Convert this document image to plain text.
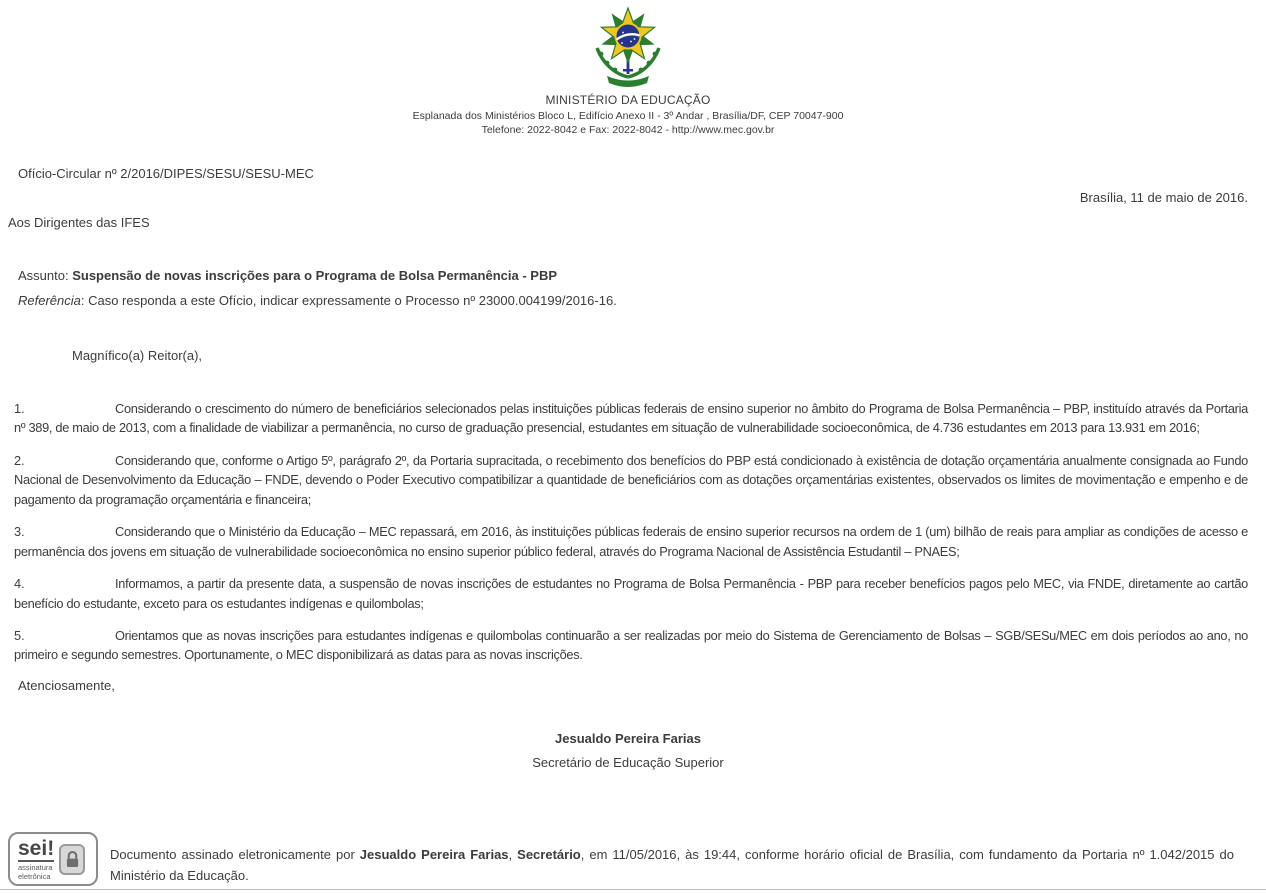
MINISTÉRIO DA EDUCAÇÃO
Esplanada dos Ministérios Bloco L, Edifício Anexo II - 3º Andar , Brasília/DF, CEP 70047-900
Telefone: 2022-8042 e Fax: 2022-8042 - http://www.mec.gov.br

Ofício-Circular nº 2/2016/DIPES/SESU/SESU-MEC

Brasília, 11 de maio de 2016.

Aos Dirigentes das IFES

Assunto: Suspensão de novas inscrições para o Programa de Bolsa Permanência - PBP

Referência: Caso responda a este Ofício, indicar expressamente o Processo nº 23000.004199/2016-16.

Magnífico(a) Reitor(a),

1.	Considerando o crescimento do número de beneficiários selecionados pelas instituições públicas federais de ensino superior no âmbito do Programa de Bolsa Permanência – PBP, instituído através da Portaria nº 389, de maio de 2013, com a finalidade de viabilizar a permanência, no curso de graduação presencial, estudantes em situação de vulnerabilidade socioeconômica, de 4.736 estudantes em 2013 para 13.931 em 2016;

2.	Considerando que, conforme o Artigo 5º, parágrafo 2º, da Portaria supracitada, o recebimento dos benefícios do PBP está condicionado à existência de dotação orçamentária anualmente consignada ao Fundo Nacional de Desenvolvimento da Educação – FNDE, devendo o Poder Executivo compatibilizar a quantidade de beneficiários com as dotações orçamentárias existentes, observados os limites de movimentação e empenho e de pagamento da programação orçamentária e financeira;

3.	Considerando que o Ministério da Educação – MEC repassará, em 2016, às instituições públicas federais de ensino superior recursos na ordem de 1 (um) bilhão de reais para ampliar as condições de acesso e permanência dos jovens em situação de vulnerabilidade socioeconômica no ensino superior público federal, através do Programa Nacional de Assistência Estudantil – PNAES;

4.	Informamos, a partir da presente data, a suspensão de novas inscrições de estudantes no Programa de Bolsa Permanência - PBP para receber benefícios pagos pelo MEC, via FNDE, diretamente ao cartão benefício do estudante, exceto para os estudantes indígenas e quilombolas;

5.	Orientamos que as novas inscrições para estudantes indígenas e quilombolas continuarão a ser realizadas por meio do Sistema de Gerenciamento de Bolsas – SGB/SESu/MEC em dois períodos ao ano, no primeiro e segundo semestres. Oportunamente, o MEC disponibilizará as datas para as novas inscrições.

Atenciosamente,

Jesualdo Pereira Farias

Secretário de Educação Superior

sei!
assinatura
eletrônica

Documento assinado eletronicamente por Jesualdo Pereira Farias, Secretário, em 11/05/2016, às 19:44, conforme horário oficial de Brasília, com fundamento da Portaria nº 1.042/2015 do Ministério da Educação.
